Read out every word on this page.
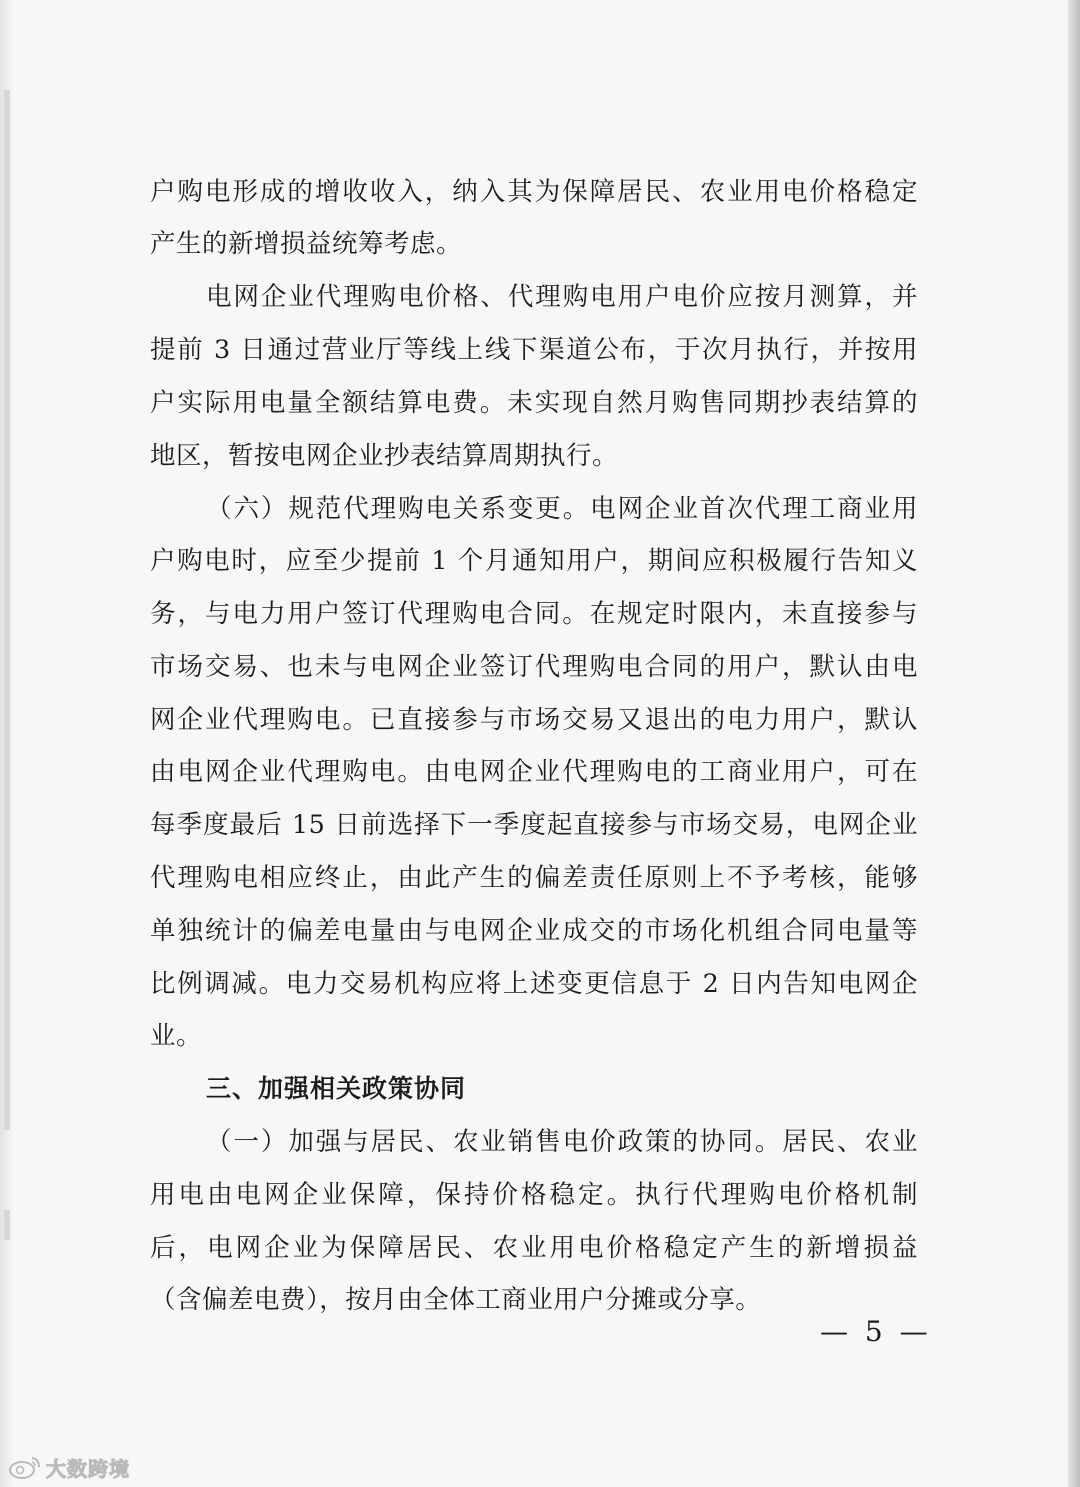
户购电形成的增收收入，纳入其为保障居民、农业用电价格稳定
产生的新增损益统筹考虑。
电网企业代理购电价格、代理购电用户电价应按月测算，并
提前 3 日通过营业厅等线上线下渠道公布，于次月执行，并按用
户实际用电量全额结算电费。未实现自然月购售同期抄表结算的
地区，暂按电网企业抄表结算周期执行。
（六）规范代理购电关系变更。电网企业首次代理工商业用
户购电时，应至少提前 1 个月通知用户，期间应积极履行告知义
务，与电力用户签订代理购电合同。在规定时限内，未直接参与
市场交易、也未与电网企业签订代理购电合同的用户，默认由电
网企业代理购电。已直接参与市场交易又退出的电力用户，默认
由电网企业代理购电。由电网企业代理购电的工商业用户，可在
每季度最后 15 日前选择下一季度起直接参与市场交易，电网企业
代理购电相应终止，由此产生的偏差责任原则上不予考核，能够
单独统计的偏差电量由与电网企业成交的市场化机组合同电量等
比例调减。电力交易机构应将上述变更信息于 2 日内告知电网企
业。
三、加强相关政策协同
（一）加强与居民、农业销售电价政策的协同。居民、农业
用电由电网企业保障，保持价格稳定。执行代理购电价格机制
后，电网企业为保障居民、农业用电价格稳定产生的新增损益
（含偏差电费），按月由全体工商业用户分摊或分享。
— 5 —
大数跨境
